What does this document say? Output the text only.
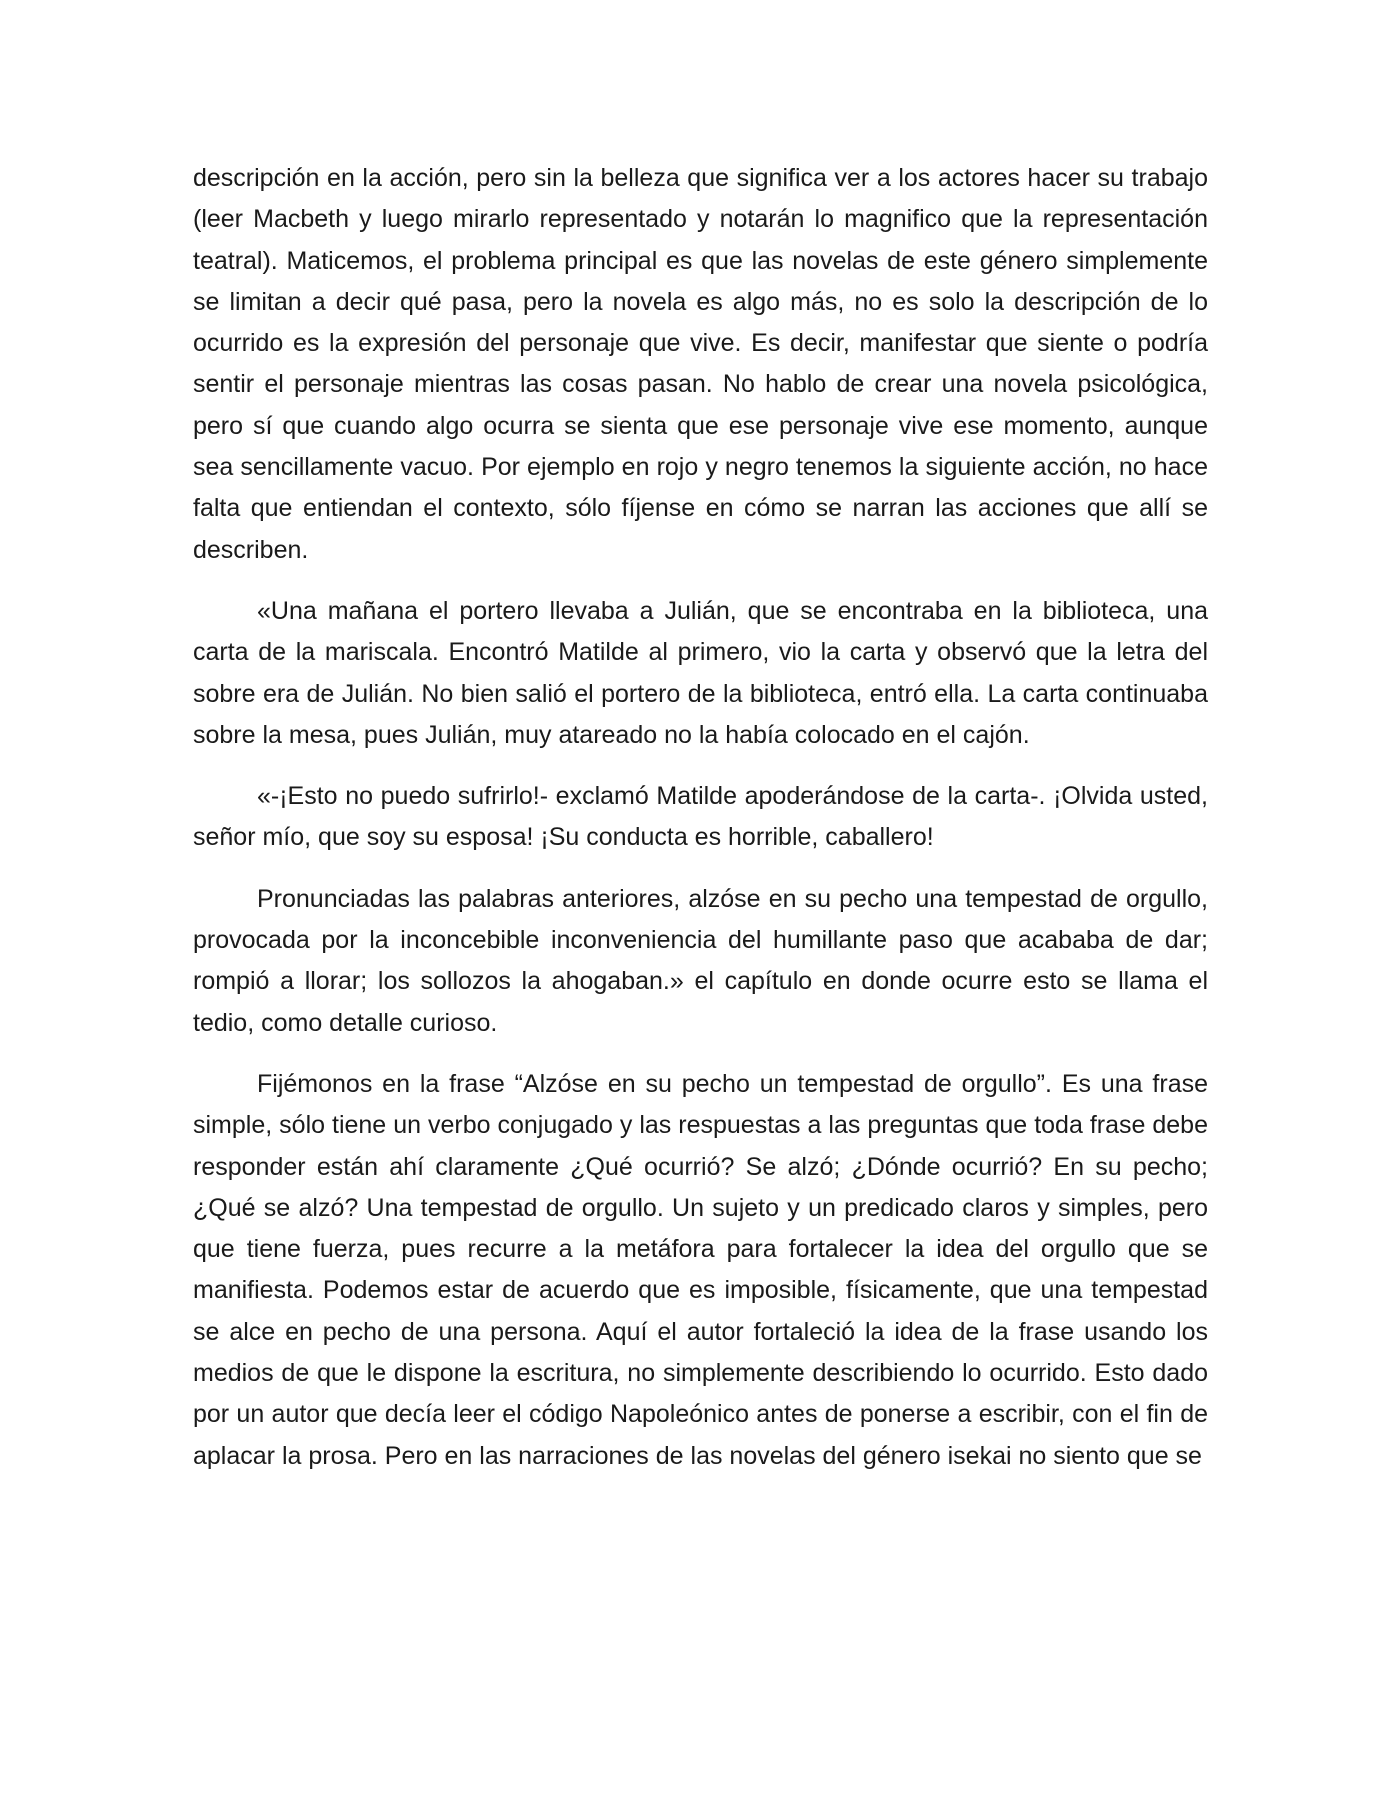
descripción en la acción, pero sin la belleza que significa ver a los actores hacer su trabajo (leer Macbeth y luego mirarlo representado y notarán lo magnifico que la representación teatral). Maticemos, el problema principal es que las novelas de este género simplemente se limitan a decir qué pasa, pero la novela es algo más, no es solo la descripción de lo ocurrido es la expresión del personaje que vive. Es decir, manifestar que siente o podría sentir el personaje mientras las cosas pasan. No hablo de crear una novela psicológica, pero sí que cuando algo ocurra se sienta que ese personaje vive ese momento, aunque sea sencillamente vacuo. Por ejemplo en rojo y negro tenemos la siguiente acción, no hace falta que entiendan el contexto, sólo fíjense en cómo se narran las acciones que allí se describen.

«Una mañana el portero llevaba a Julián, que se encontraba en la biblioteca, una carta de la mariscala. Encontró Matilde al primero, vio la carta y observó que la letra del sobre era de Julián. No bien salió el portero de la biblioteca, entró ella. La carta continuaba sobre la mesa, pues Julián, muy atareado no la había colocado en el cajón.

«-¡Esto no puedo sufrirlo!- exclamó Matilde apoderándose de la carta-. ¡Olvida usted, señor mío, que soy su esposa! ¡Su conducta es horrible, caballero!

Pronunciadas las palabras anteriores, alzóse en su pecho una tempestad de orgullo, provocada por la inconcebible inconveniencia del humillante paso que acababa de dar; rompió a llorar; los sollozos la ahogaban.» el capítulo en donde ocurre esto se llama el tedio, como detalle curioso.

Fijémonos en la frase “Alzóse en su pecho un tempestad de orgullo”. Es una frase simple, sólo tiene un verbo conjugado y las respuestas a las preguntas que toda frase debe responder están ahí claramente ¿Qué ocurrió? Se alzó; ¿Dónde ocurrió? En su pecho; ¿Qué se alzó? Una tempestad de orgullo. Un sujeto y un predicado claros y simples, pero que tiene fuerza, pues recurre a la metáfora para fortalecer la idea del orgullo que se manifiesta. Podemos estar de acuerdo que es imposible, físicamente, que una tempestad se alce en pecho de una persona. Aquí el autor fortaleció la idea de la frase usando los medios de que le dispone la escritura, no simplemente describiendo lo ocurrido. Esto dado por un autor que decía leer el código Napoleónico antes de ponerse a escribir, con el fin de aplacar la prosa. Pero en las narraciones de las novelas del género isekai no siento que se
